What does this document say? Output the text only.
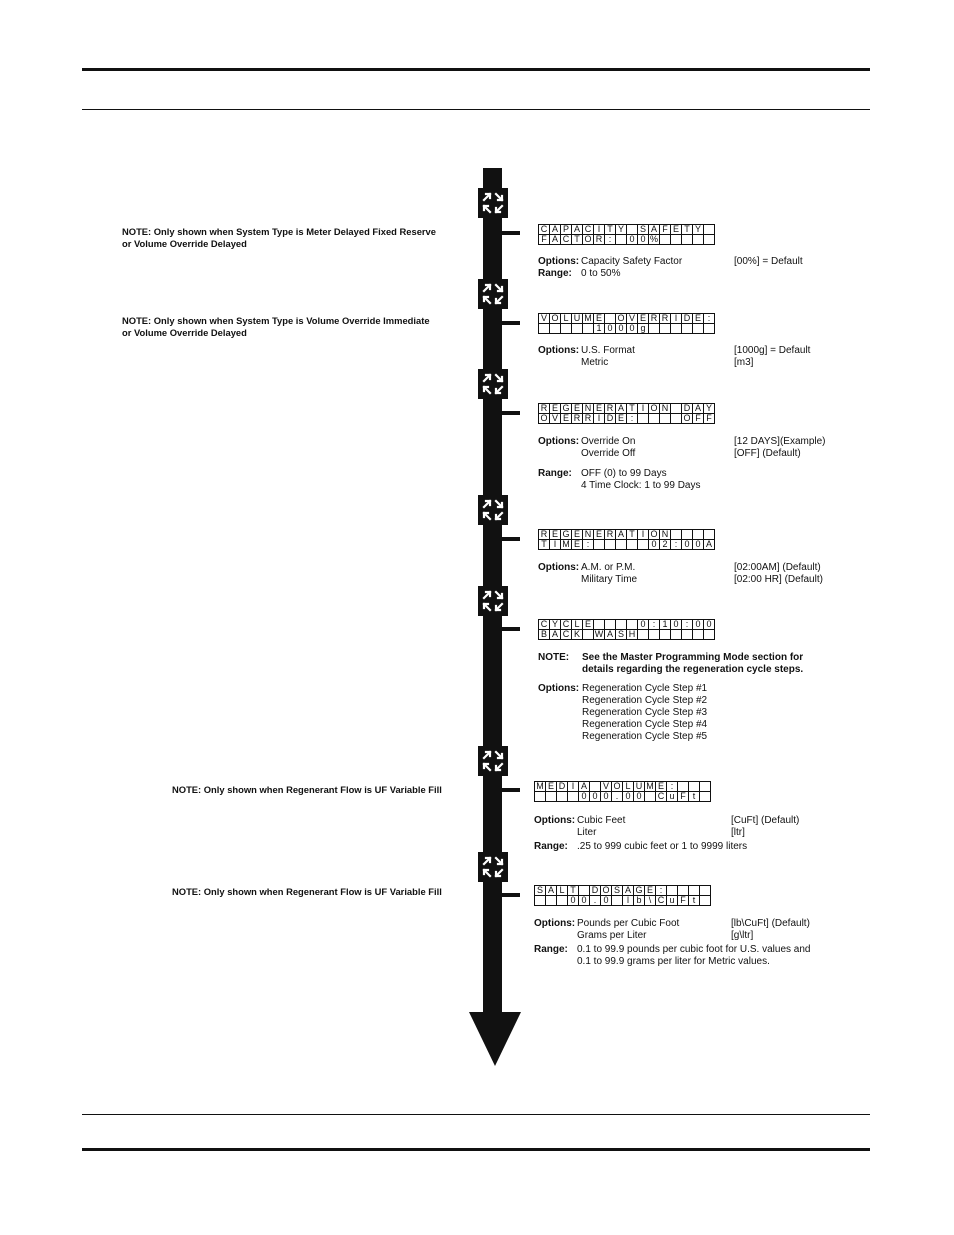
NOTE: Only shown when System Type is Meter Delayed Fixed Reserve
or Volume Override Delayed
NOTE: Only shown when System Type is Volume Override Immediate
or Volume Override Delayed
NOTE: Only shown when Regenerant Flow is UF Variable Fill
NOTE: Only shown when Regenerant Flow is UF Variable Fill
C	A	P	A	C	I	T	Y		S	A	F	E	T	Y	
F	A	C	T	O	R	:		0	0	%					
V	O	L	U	M	E		O	V	E	R	R	I	D	E	:
					1	0	0	0	g						
R	E	G	E	N	E	R	A	T	I	O	N		D	A	Y
O	V	E	R	R	I	D	E	:					O	F	F
R	E	G	E	N	E	R	A	T	I	O	N				
T	I	M	E	:						0	2	:	0	0	A
C	Y	C	L	E					0	:	1	0	:	0	0
B	A	C	K		W	A	S	H							
M	E	D	I	A		V	O	L	U	M	E	:			
				0	0	0	.	0	0		C	u	F	t	
S	A	L	T		D	O	S	A	G	E	:				
			0	0	.	0		l	b	\	C	u	F	t	
NOTE: See the Master Programming Mode section for
details regarding the regeneration cycle steps.
Options: Capacity Safety Factor	[00%] = Default
Range: 0 to 50%
Options: U.S. Format	[1000g] = Default
Metric	[m3]
Options: Override On	[12 DAYS](Example)
Override Off	[OFF] (Default)
Range: OFF (0) to 99 Days
4 Time Clock: 1 to 99 Days
Options: A.M. or P.M.	[02:00AM] (Default)
Military Time	[02:00 HR] (Default)
Options: Regeneration Cycle Step #1
Regeneration Cycle Step #2
Regeneration Cycle Step #3
Regeneration Cycle Step #4
Regeneration Cycle Step #5
Options: Cubic Feet	[CuFt] (Default)
Liter	[ltr]
Range: .25 to 999 cubic feet or 1 to 9999 liters
Options: Pounds per Cubic Foot	[lb\CuFt] (Default)
Grams per Liter	[g\ltr]
Range: 0.1 to 99.9 pounds per cubic foot for U.S. values and
0.1 to 99.9 grams per liter for Metric values.
